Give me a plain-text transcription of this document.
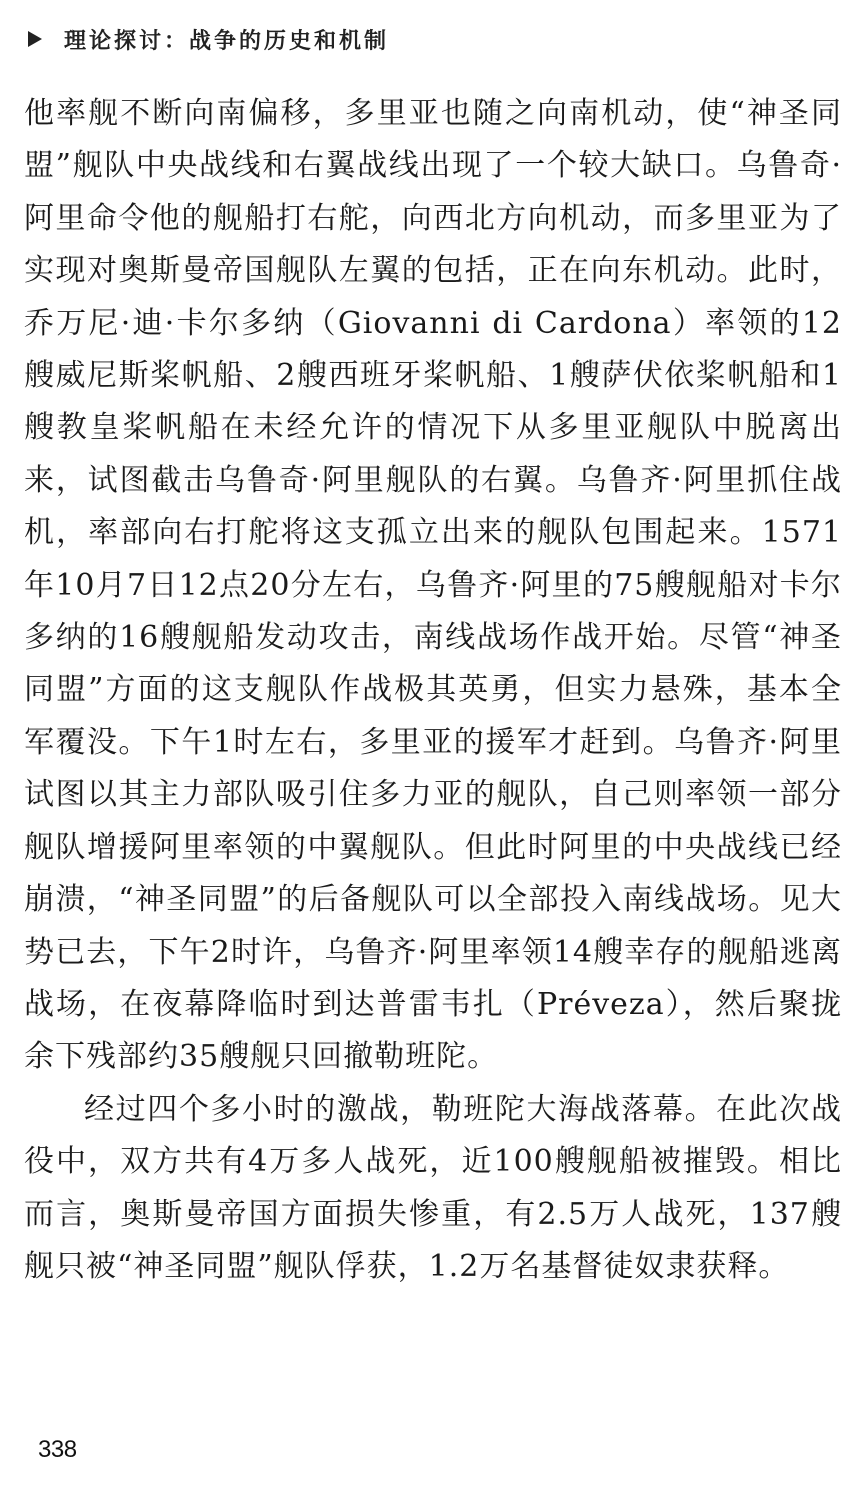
理论探讨：战争的历史和机制

他率舰不断向南偏移，多里亚也随之向南机动，使“神圣同盟”舰队中央战线和右翼战线出现了一个较大缺口。乌鲁奇·阿里命令他的舰船打右舵，向西北方向机动，而多里亚为了实现对奥斯曼帝国舰队左翼的包括，正在向东机动。此时，乔万尼·迪·卡尔多纳（Giovanni di Cardona）率领的12艘威尼斯桨帆船、2艘西班牙桨帆船、1艘萨伏依桨帆船和1艘教皇桨帆船在未经允许的情况下从多里亚舰队中脱离出来，试图截击乌鲁奇·阿里舰队的右翼。乌鲁齐·阿里抓住战机，率部向右打舵将这支孤立出来的舰队包围起来。1571年10月7日12点20分左右，乌鲁齐·阿里的75艘舰船对卡尔多纳的16艘舰船发动攻击，南线战场作战开始。尽管“神圣同盟”方面的这支舰队作战极其英勇，但实力悬殊，基本全军覆没。下午1时左右，多里亚的援军才赶到。乌鲁齐·阿里试图以其主力部队吸引住多力亚的舰队，自己则率领一部分舰队增援阿里率领的中翼舰队。但此时阿里的中央战线已经崩溃，“神圣同盟”的后备舰队可以全部投入南线战场。见大势已去，下午2时许，乌鲁齐·阿里率领14艘幸存的舰船逃离战场，在夜幕降临时到达普雷韦扎（Préveza），然后聚拢余下残部约35艘舰只回撤勒班陀。

经过四个多小时的激战，勒班陀大海战落幕。在此次战役中，双方共有4万多人战死，近100艘舰船被摧毁。相比而言，奥斯曼帝国方面损失惨重，有2.5万人战死，137艘舰只被“神圣同盟”舰队俘获，1.2万名基督徒奴隶获释。

338
